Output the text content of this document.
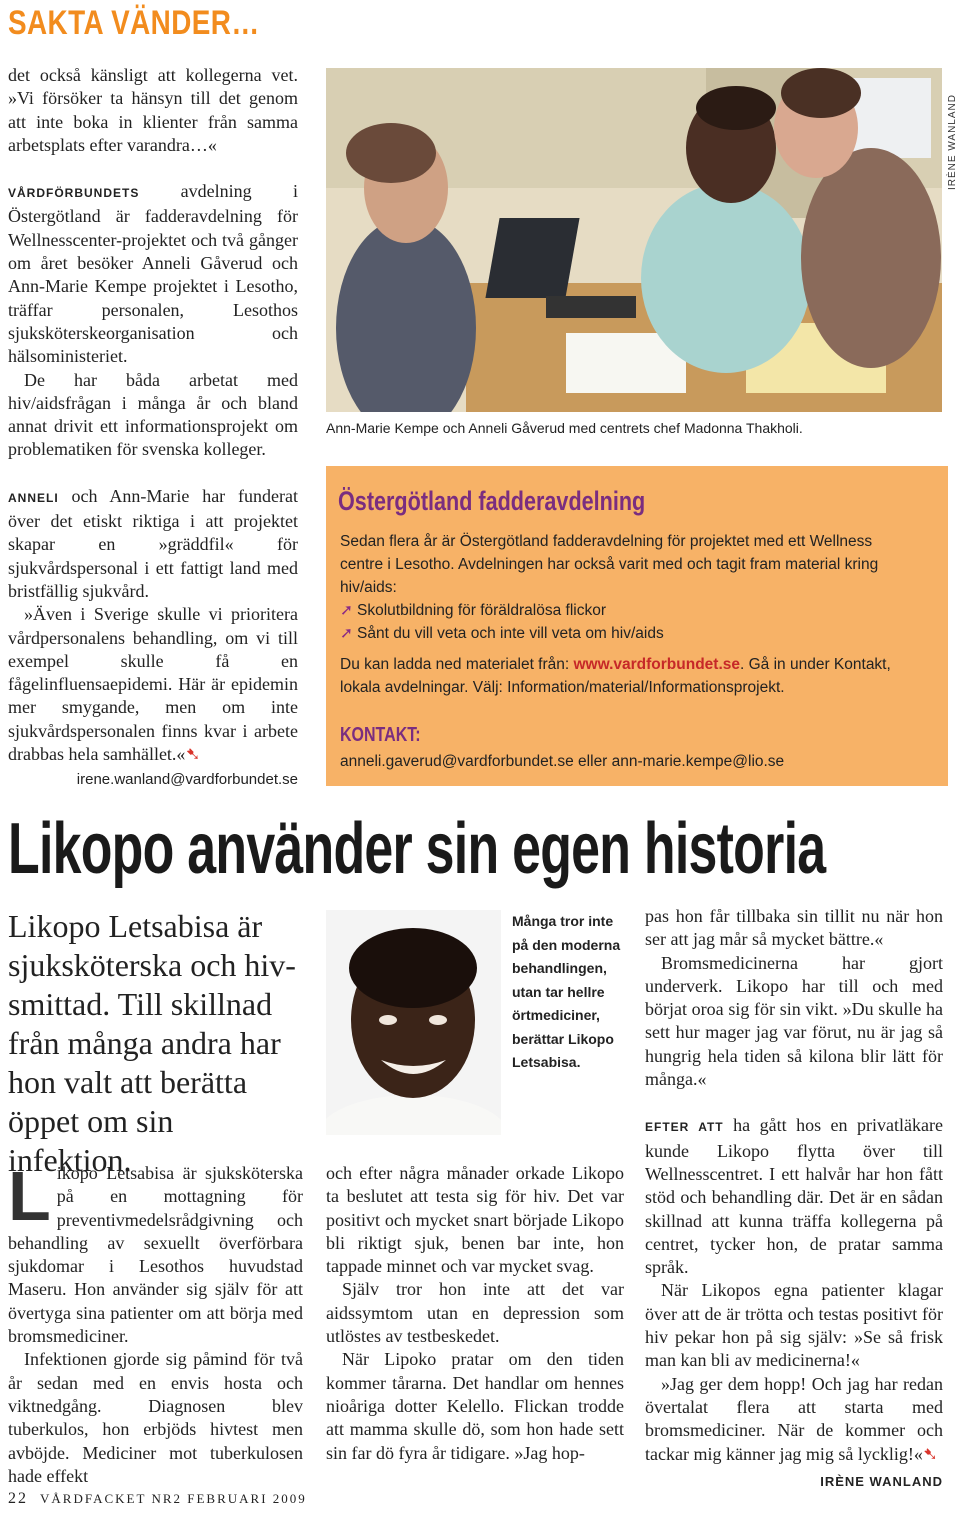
SAKTA VÄNDER…

det också känsligt att kollegerna vet. »Vi försöker ta hänsyn till det genom att inte boka in klienter från samma arbetsplats efter varandra…«

VÅRDFÖRBUNDETS avdelning i Östergötland är fadderavdelning för Wellnesscenter-projektet och två gånger om året besöker Anneli Gåverud och Ann-Marie Kempe projektet i Lesotho, träffar personalen, Lesothos sjuksköterskeorganisation och hälsoministeriet.

De har båda arbetat med hiv/aidsfrågan i många år och bland annat drivit ett informationsprojekt om problematiken för svenska kolleger.

ANNELI och Ann-Marie har funderat över det etiskt riktiga i att projektet skapar en »gräddfil« för sjukvårdspersonal i ett fattigt land med bristfällig sjukvård.

»Även i Sverige skulle vi prioritera vårdpersonalens behandling, om vi till exempel skulle få en fågelinfluensaepidemi. Här är epidemin mer smygande, men om inte sjukvårdspersonalen finns kvar i arbete drabbas hela samhället.«➷

irene.wanland@vardforbundet.se

IRÈNE WANLAND
Ann-Marie Kempe och Anneli Gåverud med centrets chef Madonna Thakholi.
Östergötland fadderavdelning
Sedan flera år är Östergötland fadderavdelning för projektet med ett Wellness centre i Lesotho. Avdelningen har också varit med och tagit fram material kring hiv/aids:
➚ Skolutbildning för föräldralösa flickor
➚ Sånt du vill veta och inte vill veta om hiv/aids
Du kan ladda ned materialet från: www.vardforbundet.se. Gå in under Kontakt, lokala avdelningar. Välj: Information/material/Informationsprojekt.
KONTAKT:
anneli.gaverud@vardforbundet.se eller ann-marie.kempe@lio.se
Likopo använder sin egen historia
Likopo Letsabisa är sjuksköterska och hiv-smittad. Till skillnad från många andra har hon valt att berätta öppet om sin infektion.

Likopo Letsabisa är sjuksköterska på en mottagning för preventivmedelsrådgivning och behandling av sexuellt överförbara sjukdomar i Lesothos huvudstad Maseru. Hon använder sig själv för att övertyga sina patienter om att börja med bromsmediciner.

Infektionen gjorde sig påmind för två år sedan med en envis hosta och viktnedgång. Diagnosen blev tuberkulos, hon erbjöds hivtest men avböjde. Mediciner mot tuberkulosen hade effekt

Många tror inte på den moderna behandlingen, utan tar hellre örtmediciner, berättar Likopo Letsabisa.

och efter några månader orkade Likopo ta beslutet att testa sig för hiv. Det var positivt och mycket snart började Likopo bli riktigt sjuk, benen bar inte, hon tappade minnet och var mycket svag.

Själv tror hon inte att det var aidssymtom utan en depression som utlöstes av testbeskedet.

När Lipoko pratar om den tiden kommer tårarna. Det handlar om hennes nioåriga dotter Kelello. Flickan trodde att mamma skulle dö, som hon hade sett sin far dö fyra år tidigare. »Jag hop-

pas hon får tillbaka sin tillit nu när hon ser att jag mår så mycket bättre.«

Bromsmedicinerna har gjort underverk. Likopo har till och med börjat oroa sig för sin vikt. »Du skulle ha sett hur mager jag var förut, nu är jag så hungrig hela tiden så kilona blir lätt för många.«

EFTER ATT ha gått hos en privatläkare kunde Likopo flytta över till Wellnesscentret. I ett halvår har hon fått stöd och behandling där. Det är en sådan skillnad att kunna träffa kollegerna på centret, tycker hon, de pratar samma språk.

När Likopos egna patienter klagar över att de är trötta och testas positivt för hiv pekar hon på sig själv: »Se så frisk man kan bli av medicinerna!«

»Jag ger dem hopp! Och jag har redan övertalat flera att starta med bromsmediciner. När de kommer och tackar mig känner jag mig så lycklig!«➷

IRÈNE WANLAND

22 VÅRDFACKET NR2 FEBRUARI 2009
